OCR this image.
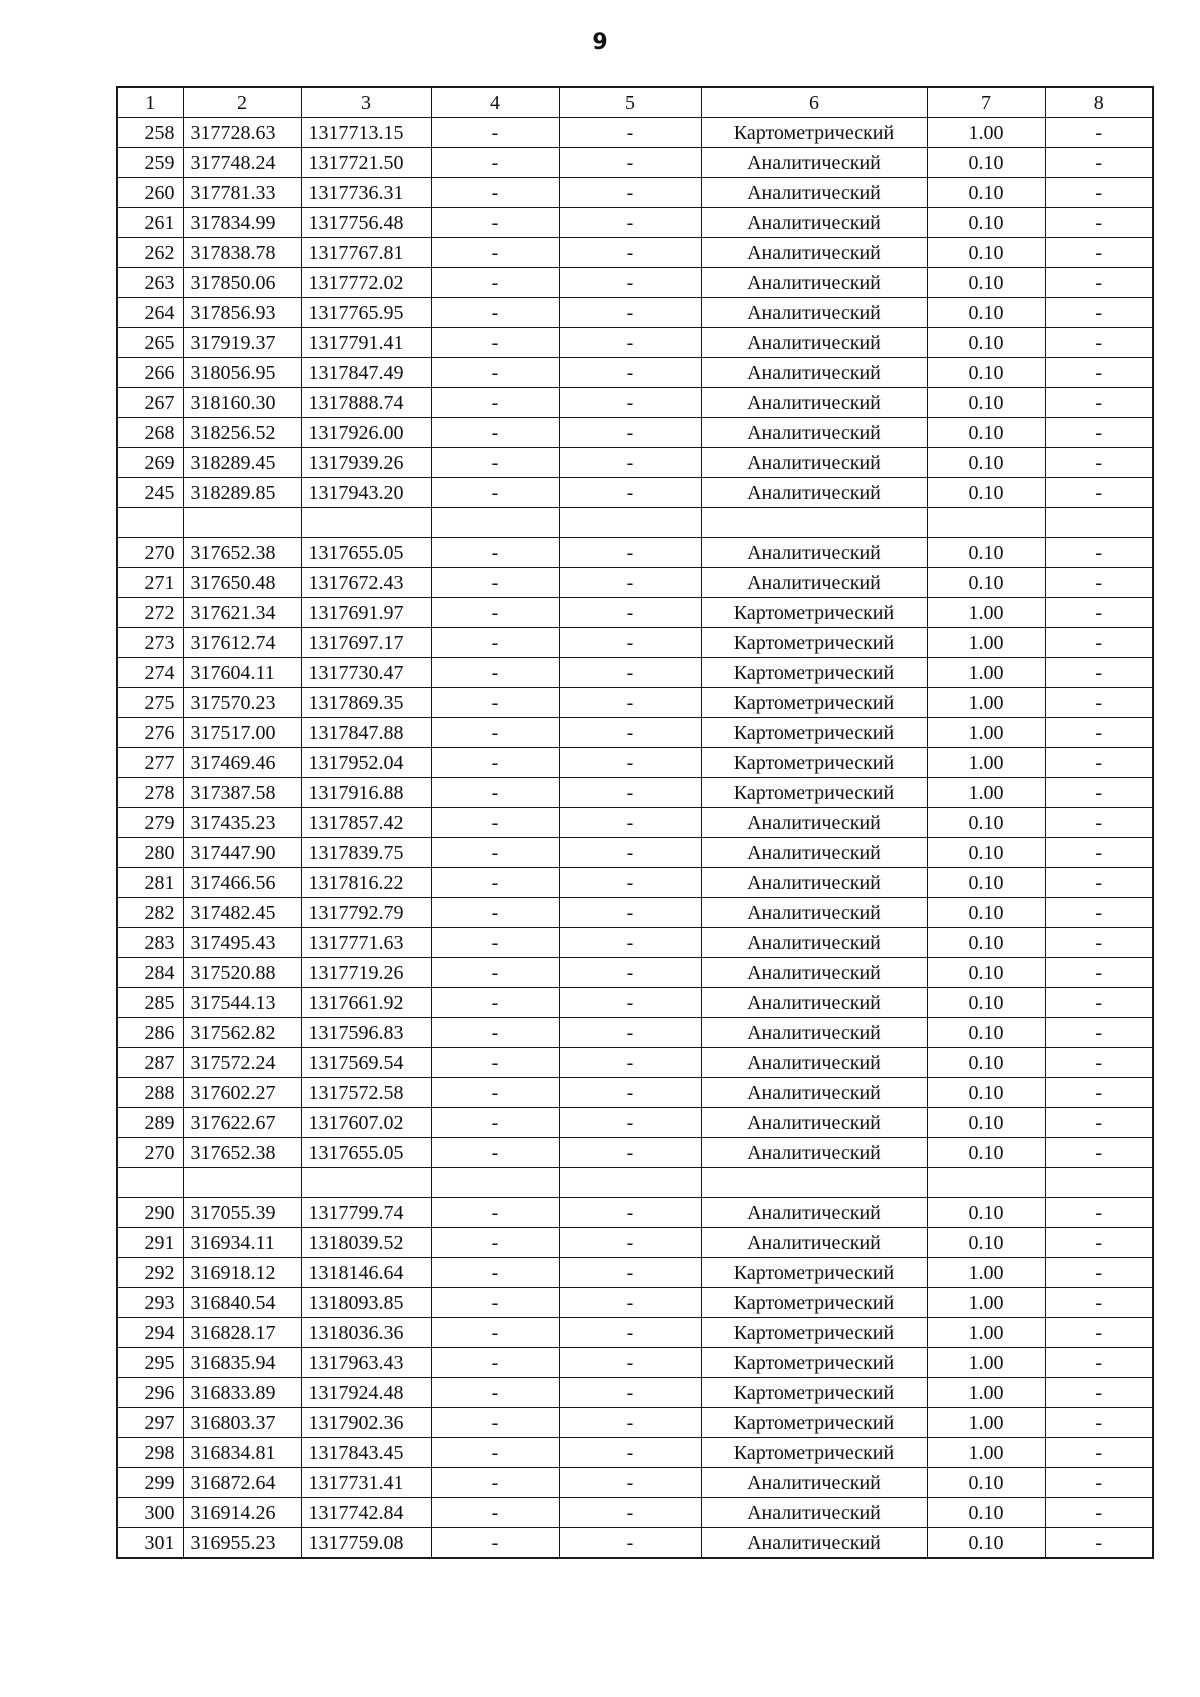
9
1	2	3	4	5	6	7	8
258	317728.63	1317713.15	-	-	Картометрический	1.00	-
259	317748.24	1317721.50	-	-	Аналитический	0.10	-
260	317781.33	1317736.31	-	-	Аналитический	0.10	-
261	317834.99	1317756.48	-	-	Аналитический	0.10	-
262	317838.78	1317767.81	-	-	Аналитический	0.10	-
263	317850.06	1317772.02	-	-	Аналитический	0.10	-
264	317856.93	1317765.95	-	-	Аналитический	0.10	-
265	317919.37	1317791.41	-	-	Аналитический	0.10	-
266	318056.95	1317847.49	-	-	Аналитический	0.10	-
267	318160.30	1317888.74	-	-	Аналитический	0.10	-
268	318256.52	1317926.00	-	-	Аналитический	0.10	-
269	318289.45	1317939.26	-	-	Аналитический	0.10	-
245	318289.85	1317943.20	-	-	Аналитический	0.10	-

270	317652.38	1317655.05	-	-	Аналитический	0.10	-
271	317650.48	1317672.43	-	-	Аналитический	0.10	-
272	317621.34	1317691.97	-	-	Картометрический	1.00	-
273	317612.74	1317697.17	-	-	Картометрический	1.00	-
274	317604.11	1317730.47	-	-	Картометрический	1.00	-
275	317570.23	1317869.35	-	-	Картометрический	1.00	-
276	317517.00	1317847.88	-	-	Картометрический	1.00	-
277	317469.46	1317952.04	-	-	Картометрический	1.00	-
278	317387.58	1317916.88	-	-	Картометрический	1.00	-
279	317435.23	1317857.42	-	-	Аналитический	0.10	-
280	317447.90	1317839.75	-	-	Аналитический	0.10	-
281	317466.56	1317816.22	-	-	Аналитический	0.10	-
282	317482.45	1317792.79	-	-	Аналитический	0.10	-
283	317495.43	1317771.63	-	-	Аналитический	0.10	-
284	317520.88	1317719.26	-	-	Аналитический	0.10	-
285	317544.13	1317661.92	-	-	Аналитический	0.10	-
286	317562.82	1317596.83	-	-	Аналитический	0.10	-
287	317572.24	1317569.54	-	-	Аналитический	0.10	-
288	317602.27	1317572.58	-	-	Аналитический	0.10	-
289	317622.67	1317607.02	-	-	Аналитический	0.10	-
270	317652.38	1317655.05	-	-	Аналитический	0.10	-

290	317055.39	1317799.74	-	-	Аналитический	0.10	-
291	316934.11	1318039.52	-	-	Аналитический	0.10	-
292	316918.12	1318146.64	-	-	Картометрический	1.00	-
293	316840.54	1318093.85	-	-	Картометрический	1.00	-
294	316828.17	1318036.36	-	-	Картометрический	1.00	-
295	316835.94	1317963.43	-	-	Картометрический	1.00	-
296	316833.89	1317924.48	-	-	Картометрический	1.00	-
297	316803.37	1317902.36	-	-	Картометрический	1.00	-
298	316834.81	1317843.45	-	-	Картометрический	1.00	-
299	316872.64	1317731.41	-	-	Аналитический	0.10	-
300	316914.26	1317742.84	-	-	Аналитический	0.10	-
301	316955.23	1317759.08	-	-	Аналитический	0.10	-
